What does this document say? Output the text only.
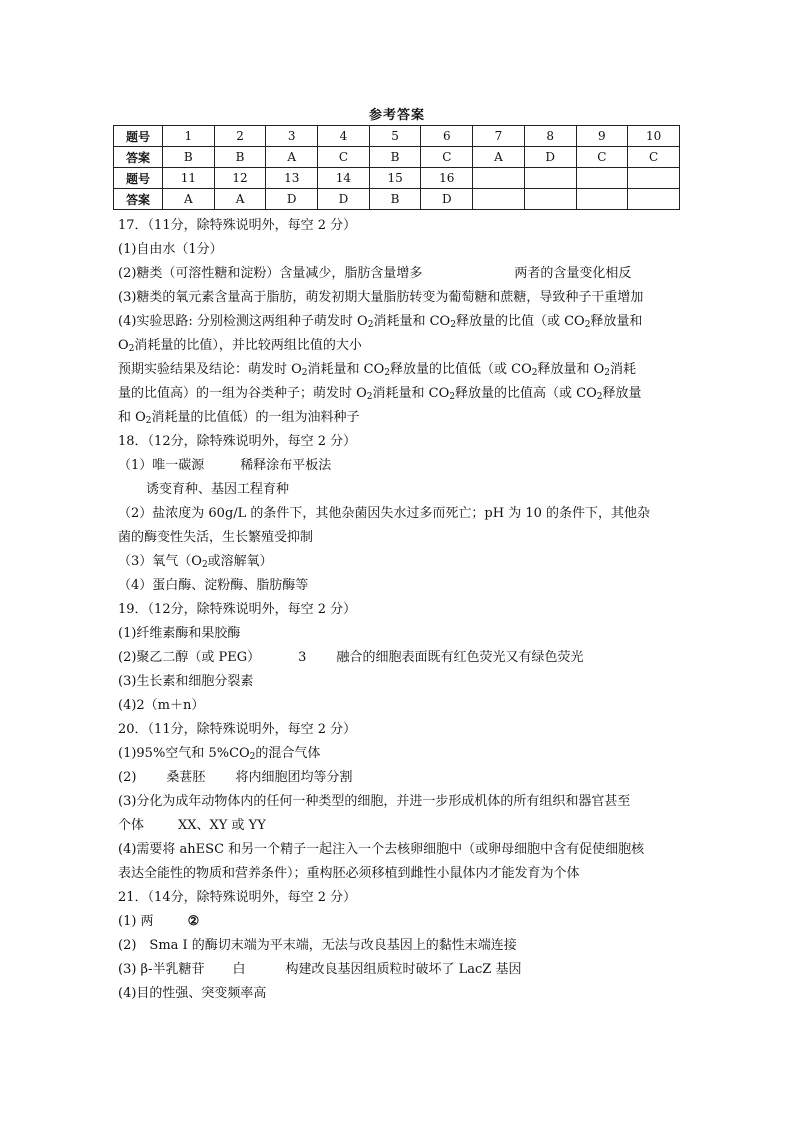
参考答案
题号	1	2	3	4	5	6	7	8	9	10
答案	B	B	A	C	B	C	A	D	C	C
题号	11	12	13	14	15	16				
答案	A	A	D	D	B	D				
17．（11分，除特殊说明外，每空 2 分）
(1)自由水（1分）
(2)糖类（可溶性糖和淀粉）含量减少，脂肪含量增多	两者的含量变化相反
(3)糖类的氧元素含量高于脂肪，萌发初期大量脂肪转变为葡萄糖和蔗糖，导致种子干重增加
(4)实验思路: 分别检测这两组种子萌发时 $O_2$消耗量和 $CO_2$释放量的比值（或 $CO_2$释放量和
$O_2$消耗量的比值），并比较两组比值的大小
预期实验结果及结论：萌发时 $O_2$消耗量和 $CO_2$释放量的比值低（或 $CO_2$释放量和 $O_2$消耗
量的比值高）的一组为谷类种子；萌发时 $O_2$消耗量和 $CO_2$释放量的比值高（或 $CO_2$释放量
和 $O_2$消耗量的比值低）的一组为油料种子
18．（12分，除特殊说明外，每空 2 分）
（1）唯一碳源	稀释涂布平板法
诱变育种、基因工程育种
（2）盐浓度为 60g/L 的条件下，其他杂菌因失水过多而死亡；pH 为 10 的条件下，其他杂
菌的酶变性失活，生长繁殖受抑制
（3）氧气（$O_2$或溶解氧）
（4）蛋白酶、淀粉酶、脂肪酶等
19．（12分，除特殊说明外，每空 2 分）
(1)纤维素酶和果胶酶
(2)聚乙二醇（或 PEG）	3 融合的细胞表面既有红色荧光又有绿色荧光
(3)生长素和细胞分裂素
(4)2（m＋n）
20．（11分，除特殊说明外，每空 2 分）
(1)95%空气和 $5\%CO_2$的混合气体
(2) 桑葚胚 将内细胞团均等分割
(3)分化为成年动物体内的任何一种类型的细胞，并进一步形成机体的所有组织和器官甚至
个体	XX、XY 或 YY
(4)需要将 ahESC 和另一个精子一起注入一个去核卵细胞中（或卵母细胞中含有促使细胞核
表达全能性的物质和营养条件）；重构胚必须移植到雌性小鼠体内才能发育为个体
21．（14分，除特殊说明外，每空 2 分）
(1) 两	②
(2)　Sma I 的酶切末端为平末端，无法与改良基因上的黏性末端连接
(3) β-半乳糖苷 白	构建改良基因组质粒时破坏了 LacZ 基因
(4)目的性强、突变频率高
